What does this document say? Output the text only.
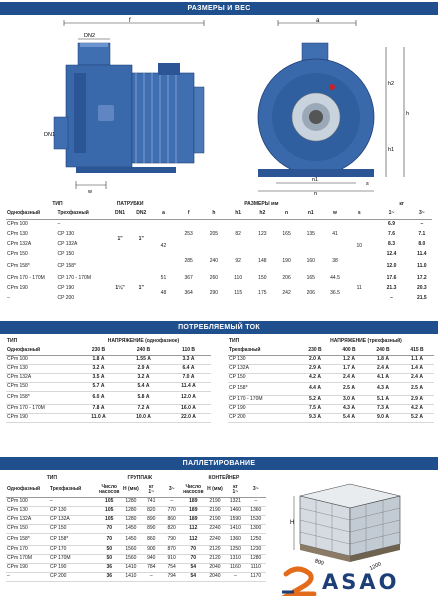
РАЗМЕРЫ И ВЕС
f
DN2
DN1
w
a
h2
h
h1
s
n1
n
ТИП		ПАТРУБКИ		РАЗМЕРЫ мм									кг	
Однофазный	Трехфазный	DN1	DN2	a	f	h	h1	h2	n	n1	w	s	1~	3~
CPm 100	–	1"	1"	42	253	205	82	123	165	135	41	10	6.9	–
CPm 130	CP 130												7.6	7.1
CPm 132A	CP 132A												8.3	8.0
CPm 150	CP 150				285	240	92	148	190	160	38		12.4	11.4
CPm 158*	CP 158*												12.0	11.0
CPm 170 - 170M	CP 170 - 170M	1¼"	1"	51	367	260	110	150	206	165	44.5	11	17.6	17.2
CPm 190	CP 190			48	364	290	115	175	242	206	36.5		21.3	20.3
–	CP 200												–	21.5
ПОТРЕБЛЯЕМЫЙ ТОК
ТИП	НАПРЯЖЕНИЕ (однофазное)		
Однофазный	230 В	240 В	110 В
CPm 100	1.8 А	1.55 А	3.3 А
CPm 130	3.2 А	2.9 А	6.4 А
CPm 132A	3.5 А	3.2 А	7.0 А
CPm 150	5.7 А	5.4 А	11.4 А
CPm 158*	6.0 А	5.8 А	12.0 А
CPm 170 - 170M	7.8 А	7.2 А	16.0 А
CPm 190	11.0 А	10.0 А	22.0 А
ТИП	НАПРЯЖЕНИЕ (трехфазный)			
Трехфазный	230 В	400 В	240 В	415 В
CP 130	2.0 А	1.2 А	1.8 А	1.1 А
CP 132A	2.9 А	1.7 А	2.4 А	1.4 А
CP 150	4.2 А	2.4 А	4.1 А	2.4 А
CP 158*	4.4 А	2.5 А	4.3 А	2.5 А
CP 170 - 170M	5.2 А	3.0 А	5.1 А	2.9 А
CP 190	7.5 А	4.3 А	7.3 А	4.2 А
CP 200	9.3 А	5.4 А	9.0 А	5.2 А
ПАЛЛЕТИРОВАНИЕ
ТИП		ГРУППАЖ				КОНТЕЙНЕР			
Однофазный	Трехфазный	Число насосов	H (мм)	кг
1~	3~	Число насосов	H (мм)	кг
1~	3~
CPm 100	–	105	1280	741	–	189	2190	1321	–
CPm 130	CP 130	105	1280	820	770	189	2190	1460	1360
CPm 132A	CP 132A	105	1280	890	860	189	2190	1590	1530
CPm 150	CP 150	70	1450	890	820	112	2240	1410	1300
CPm 158*	CP 158*	70	1450	860	790	112	2240	1360	1250
CPm 170	CP 170	50	1560	900	870	70	2120	1250	1230
CPm 170M	CP 170M	50	1560	940	910	70	2120	1310	1280
CPm 190	CP 190	36	1410	784	754	54	2040	1160	1110
–	CP 200	36	1410	–	794	54	2040	–	1170
H
1200
800
ASAO
